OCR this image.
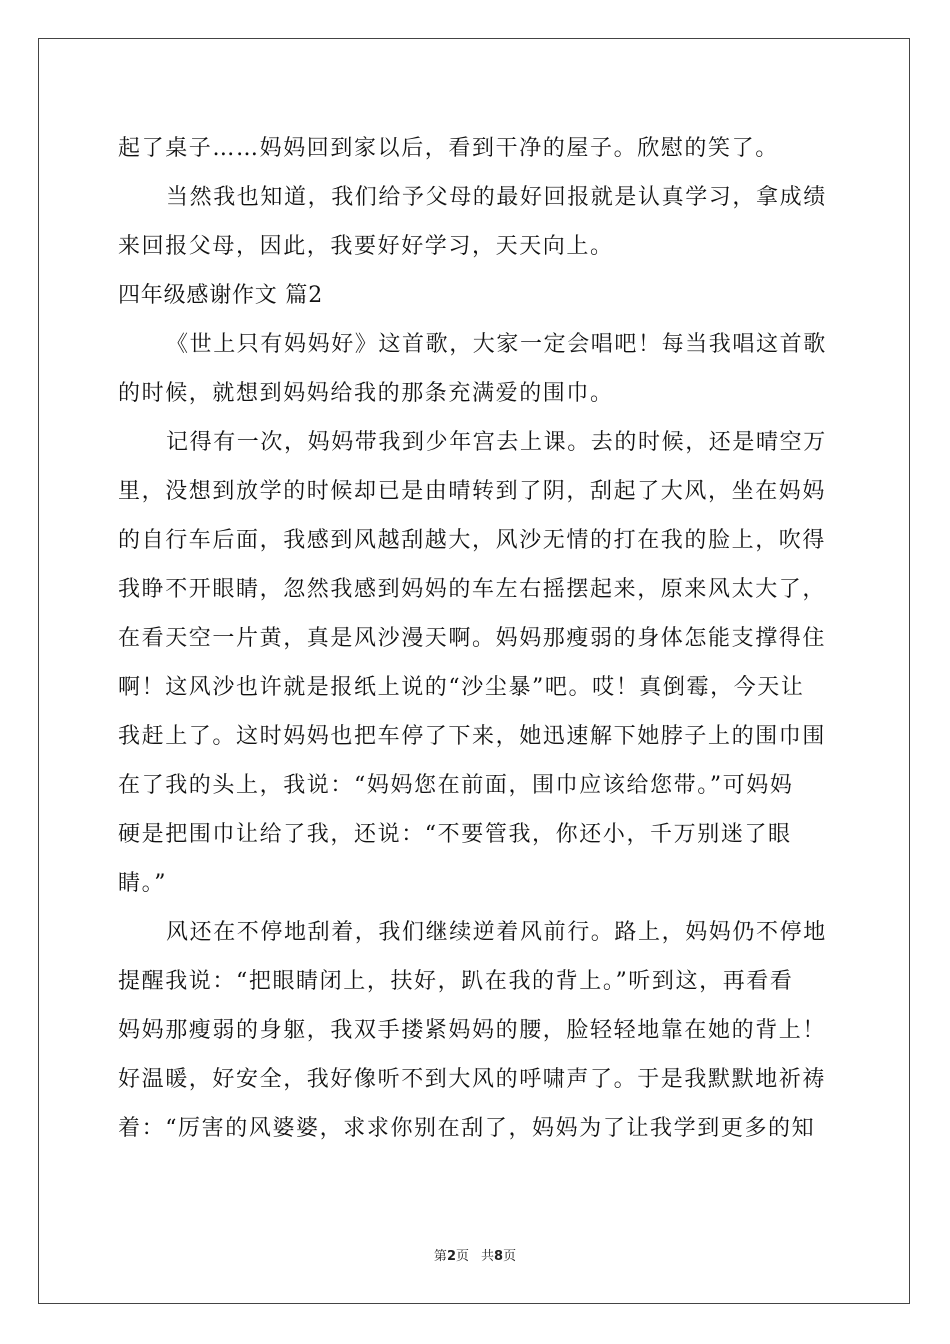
起了桌子……妈妈回到家以后，看到干净的屋子。欣慰的笑了。
当然我也知道，我们给予父母的最好回报就是认真学习，拿成绩
来回报父母，因此，我要好好学习，天天向上。
四年级感谢作文 篇2
《世上只有妈妈好》这首歌，大家一定会唱吧！每当我唱这首歌
的时候，就想到妈妈给我的那条充满爱的围巾。
记得有一次，妈妈带我到少年宫去上课。去的时候，还是晴空万
里，没想到放学的时候却已是由晴转到了阴，刮起了大风，坐在妈妈
的自行车后面，我感到风越刮越大，风沙无情的打在我的脸上，吹得
我睁不开眼睛，忽然我感到妈妈的车左右摇摆起来，原来风太大了，
在看天空一片黄，真是风沙漫天啊。妈妈那瘦弱的身体怎能支撑得住
啊！这风沙也许就是报纸上说的“沙尘暴”吧。哎！真倒霉，今天让
我赶上了。这时妈妈也把车停了下来，她迅速解下她脖子上的围巾围
在了我的头上，我说：“妈妈您在前面，围巾应该给您带。”可妈妈
硬是把围巾让给了我，还说：“不要管我，你还小，千万别迷了眼
睛。”
风还在不停地刮着，我们继续逆着风前行。路上，妈妈仍不停地
提醒我说：“把眼睛闭上，扶好，趴在我的背上。”听到这，再看看
妈妈那瘦弱的身躯，我双手搂紧妈妈的腰，脸轻轻地靠在她的背上！
好温暖，好安全，我好像听不到大风的呼啸声了。于是我默默地祈祷
着：“厉害的风婆婆，求求你别在刮了，妈妈为了让我学到更多的知
第2页 共8页
